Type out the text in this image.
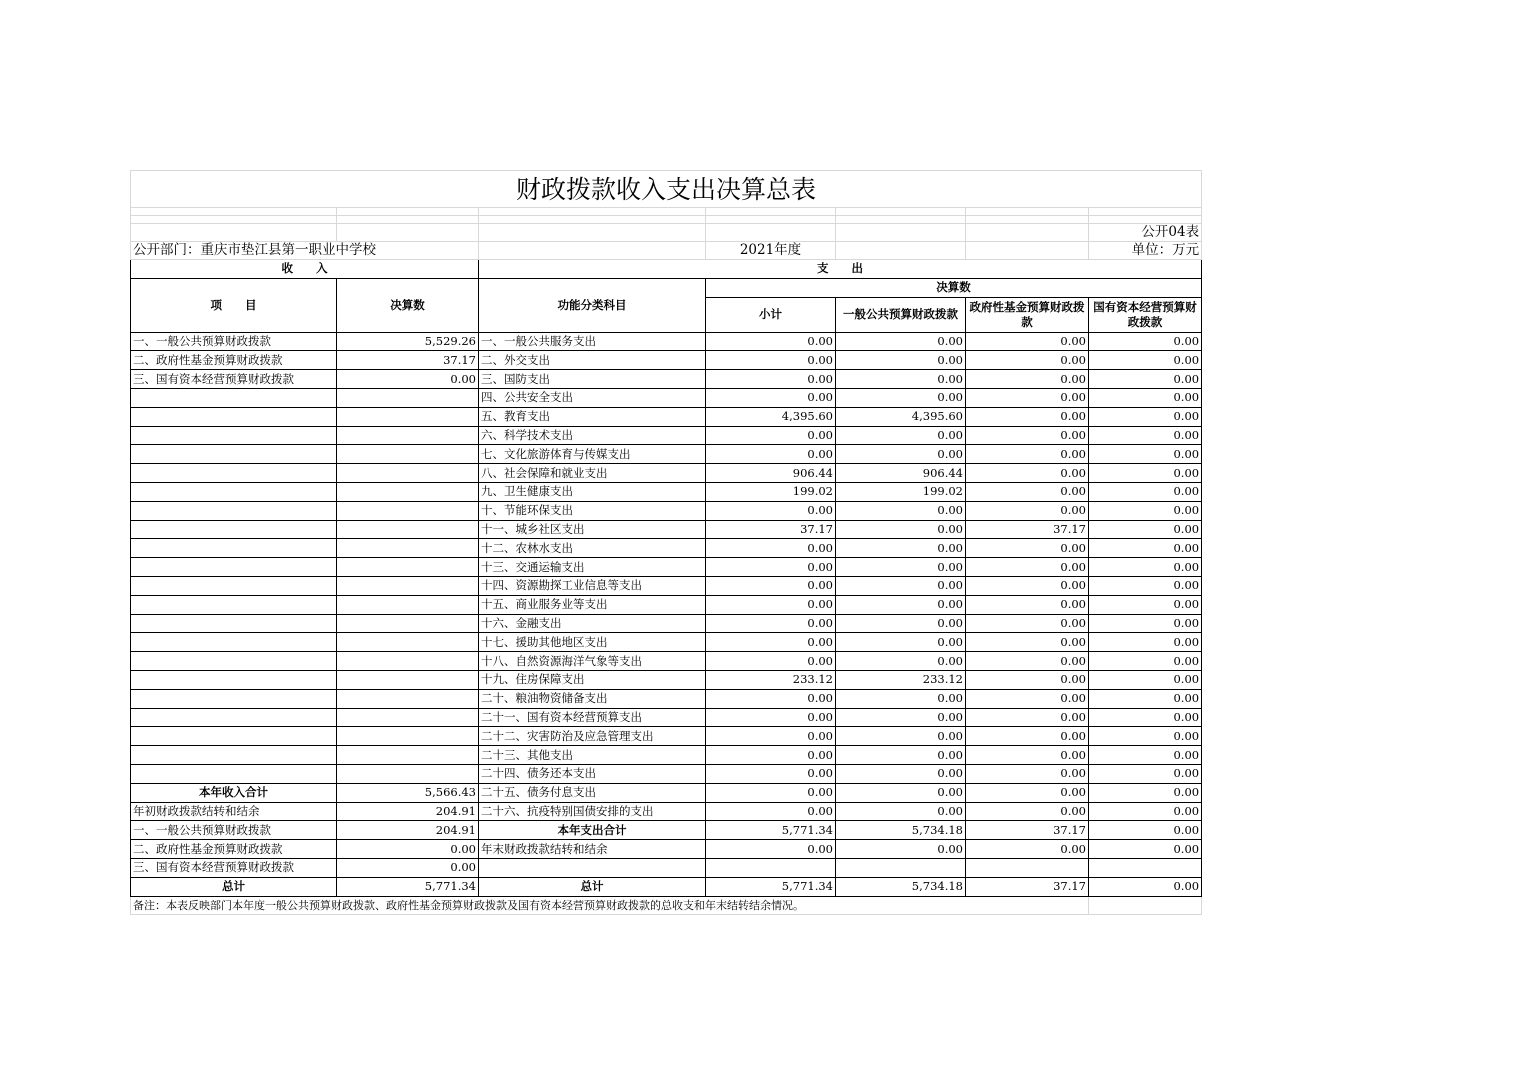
财政拨款收入支出决算总表						

						公开04表
公开部门：重庆市垫江县第一职业中学校			2021年度			单位：万元
收　　入		支　　出				
项　　目	决算数	功能分类科目	决算数			
			小计	一般公共预算财政拨款	政府性基金预算财政拨款	国有资本经营预算财政拨款
一、一般公共预算财政拨款	5,529.26	一、一般公共服务支出	0.00	0.00	0.00	0.00
二、政府性基金预算财政拨款	37.17	二、外交支出	0.00	0.00	0.00	0.00
三、国有资本经营预算财政拨款	0.00	三、国防支出	0.00	0.00	0.00	0.00
		四、公共安全支出	0.00	0.00	0.00	0.00
		五、教育支出	4,395.60	4,395.60	0.00	0.00
		六、科学技术支出	0.00	0.00	0.00	0.00
		七、文化旅游体育与传媒支出	0.00	0.00	0.00	0.00
		八、社会保障和就业支出	906.44	906.44	0.00	0.00
		九、卫生健康支出	199.02	199.02	0.00	0.00
		十、节能环保支出	0.00	0.00	0.00	0.00
		十一、城乡社区支出	37.17	0.00	37.17	0.00
		十二、农林水支出	0.00	0.00	0.00	0.00
		十三、交通运输支出	0.00	0.00	0.00	0.00
		十四、资源勘探工业信息等支出	0.00	0.00	0.00	0.00
		十五、商业服务业等支出	0.00	0.00	0.00	0.00
		十六、金融支出	0.00	0.00	0.00	0.00
		十七、援助其他地区支出	0.00	0.00	0.00	0.00
		十八、自然资源海洋气象等支出	0.00	0.00	0.00	0.00
		十九、住房保障支出	233.12	233.12	0.00	0.00
		二十、粮油物资储备支出	0.00	0.00	0.00	0.00
		二十一、国有资本经营预算支出	0.00	0.00	0.00	0.00
		二十二、灾害防治及应急管理支出	0.00	0.00	0.00	0.00
		二十三、其他支出	0.00	0.00	0.00	0.00
		二十四、债务还本支出	0.00	0.00	0.00	0.00
本年收入合计	5,566.43	二十五、债务付息支出	0.00	0.00	0.00	0.00
年初财政拨款结转和结余	204.91	二十六、抗疫特别国债安排的支出	0.00	0.00	0.00	0.00
一、一般公共预算财政拨款	204.91	本年支出合计	5,771.34	5,734.18	37.17	0.00
二、政府性基金预算财政拨款	0.00	年末财政拨款结转和结余	0.00	0.00	0.00	0.00
三、国有资本经营预算财政拨款	0.00					
总计	5,771.34	总计	5,771.34	5,734.18	37.17	0.00
备注：本表反映部门本年度一般公共预算财政拨款、政府性基金预算财政拨款及国有资本经营预算财政拨款的总收支和年末结转结余情况。						
